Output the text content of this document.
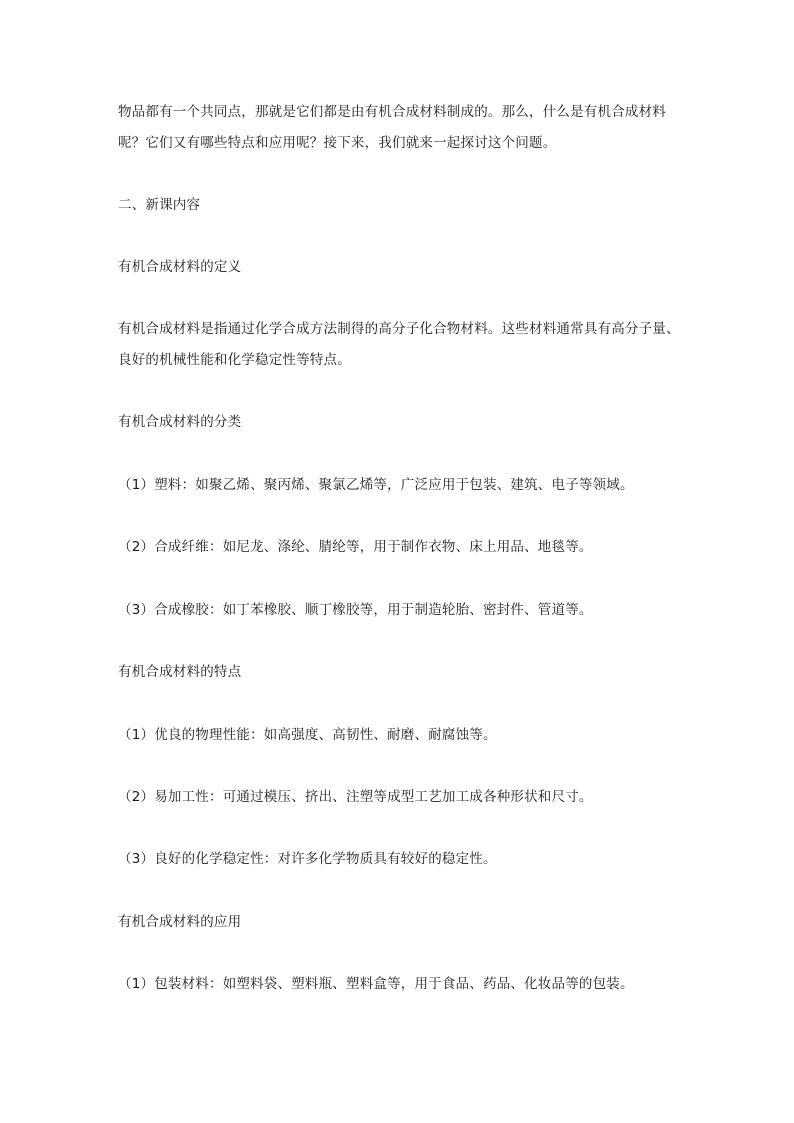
物品都有一个共同点，那就是它们都是由有机合成材料制成的。那么，什么是有机合成材料
呢？它们又有哪些特点和应用呢？接下来，我们就来一起探讨这个问题。
二、新课内容
有机合成材料的定义
有机合成材料是指通过化学合成方法制得的高分子化合物材料。这些材料通常具有高分子量、
良好的机械性能和化学稳定性等特点。
有机合成材料的分类
（1）塑料：如聚乙烯、聚丙烯、聚氯乙烯等，广泛应用于包装、建筑、电子等领域。
（2）合成纤维：如尼龙、涤纶、腈纶等，用于制作衣物、床上用品、地毯等。
（3）合成橡胶：如丁苯橡胶、顺丁橡胶等，用于制造轮胎、密封件、管道等。
有机合成材料的特点
（1）优良的物理性能：如高强度、高韧性、耐磨、耐腐蚀等。
（2）易加工性：可通过模压、挤出、注塑等成型工艺加工成各种形状和尺寸。
（3）良好的化学稳定性：对许多化学物质具有较好的稳定性。
有机合成材料的应用
（1）包装材料：如塑料袋、塑料瓶、塑料盒等，用于食品、药品、化妆品等的包装。
